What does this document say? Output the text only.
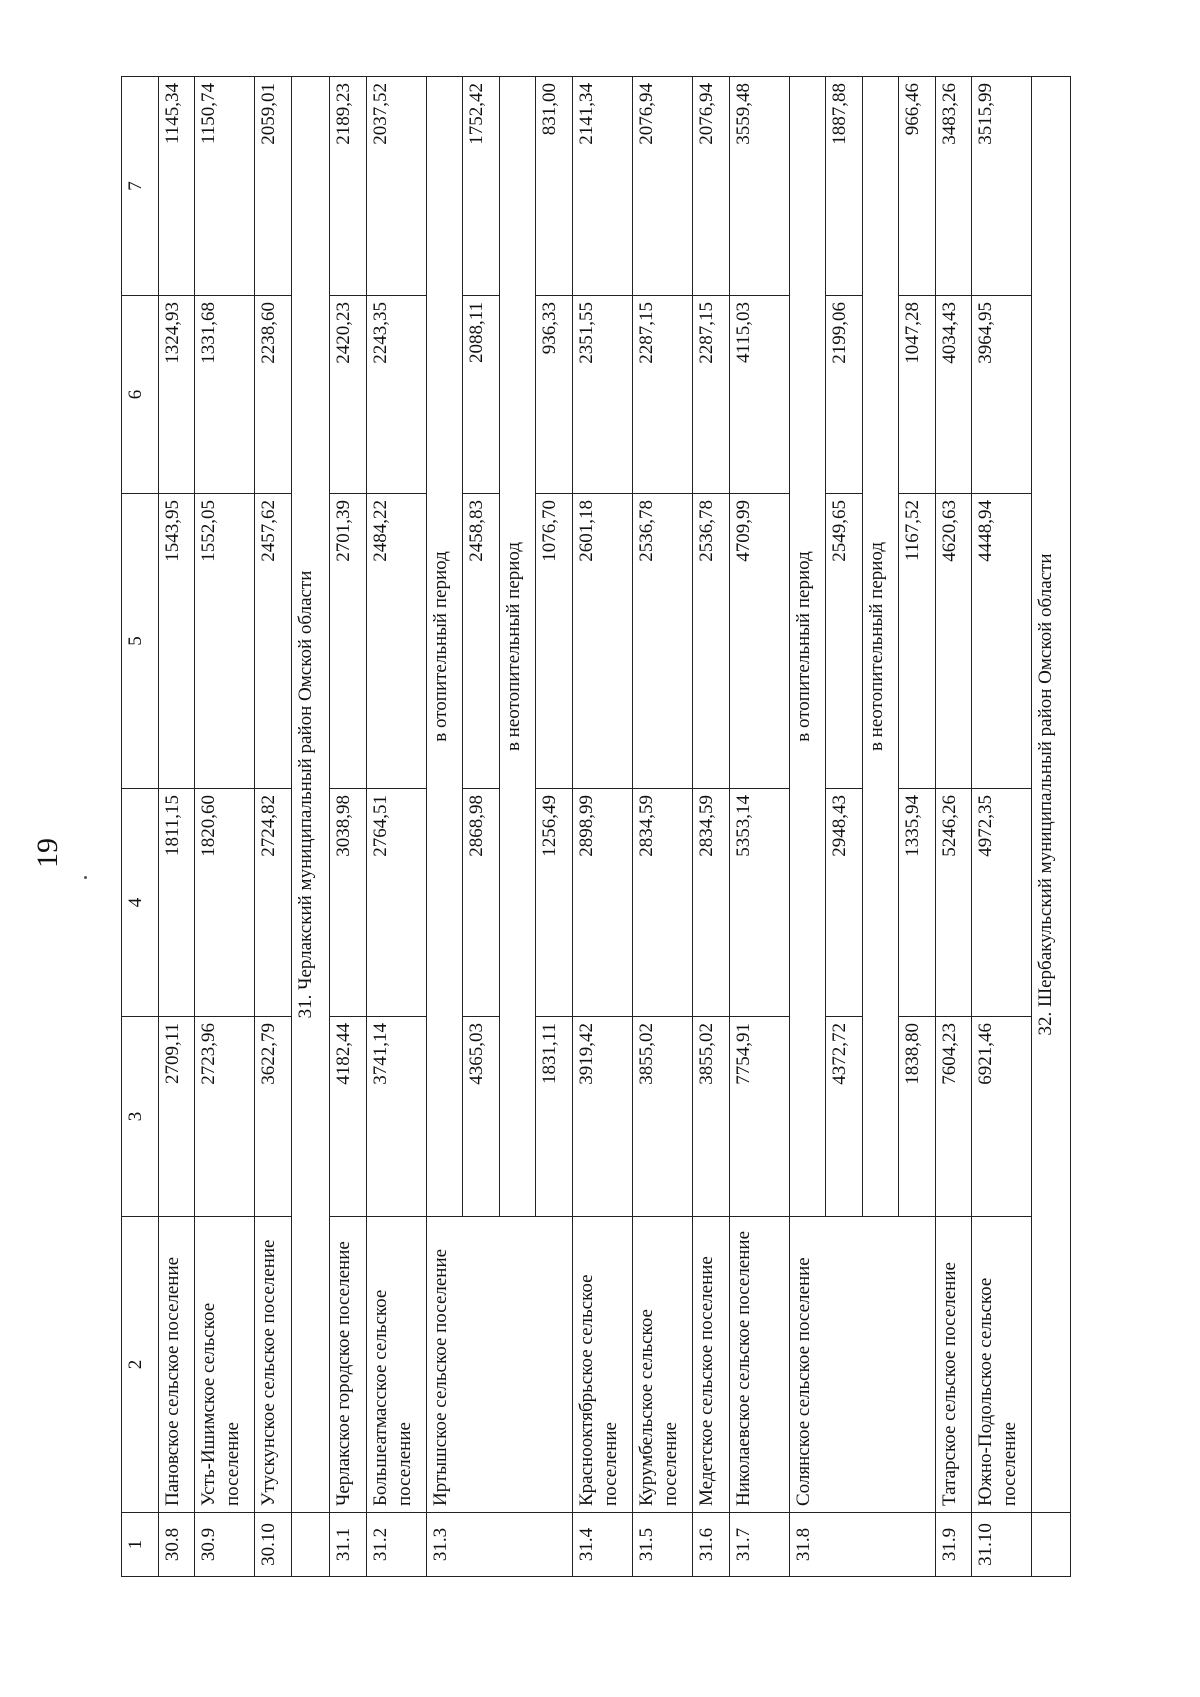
19
1	2	3	4	5	6	7
30.8	Пановское сельское поселение	2709,11	1811,15	1543,95	1324,93	1145,34
30.9	Усть-Ишимское сельское поселение	2723,96	1820,60	1552,05	1331,68	1150,74
30.10	Утускунское сельское поселение	3622,79	2724,82	2457,62	2238,60	2059,01
	31. Черлакский муниципальный район Омской области					
31.1	Черлакское городское поселение	4182,44	3038,98	2701,39	2420,23	2189,23
31.2	Большеатмасское сельское поселение	3741,14	2764,51	2484,22	2243,35	2037,52
31.3	Иртышское сельское поселение	в отопительный период				
		4365,03	2868,98	2458,83	2088,11	1752,42
		в неотопительный период				
		1831,11	1256,49	1076,70	936,33	831,00
31.4	Краснооктябрьское сельское поселение	3919,42	2898,99	2601,18	2351,55	2141,34
31.5	Курумбельское сельское поселение	3855,02	2834,59	2536,78	2287,15	2076,94
31.6	Медетское сельское поселение	3855,02	2834,59	2536,78	2287,15	2076,94
31.7	Николаевское сельское поселение	7754,91	5353,14	4709,99	4115,03	3559,48
31.8	Солянское сельское поселение	в отопительный период				
		4372,72	2948,43	2549,65	2199,06	1887,88
		в неотопительный период				
		1838,80	1335,94	1167,52	1047,28	966,46
31.9	Татарское сельское поселение	7604,23	5246,26	4620,63	4034,43	3483,26
31.10	Южно-Подольское сельское поселение	6921,46	4972,35	4448,94	3964,95	3515,99
	32. Шербакульский муниципальный район Омской области					
